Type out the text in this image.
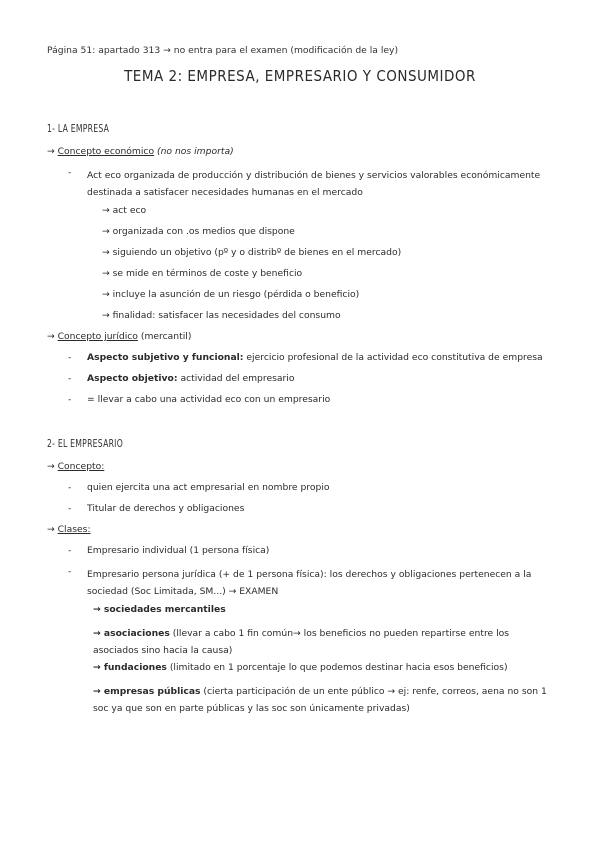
Página 51: apartado 313 → no entra para el examen (modificación de la ley)
TEMA 2: EMPRESA, EMPRESARIO Y CONSUMIDOR
1- LA EMPRESA
→ Concepto económico (no nos importa)
- Act eco organizada de producción y distribución de bienes y servicios valorables económicamente destinada a satisfacer necesidades humanas en el mercado
→ act eco
→ organizada con .os medios que dispone
→ siguiendo un objetivo (pº y o distribº de bienes en el mercado)
→ se mide en términos de coste y beneficio
→ incluye la asunción de un riesgo (pérdida o beneficio)
→ finalidad: satisfacer las necesidades del consumo
→ Concepto jurídico (mercantil)
- Aspecto subjetivo y funcional: ejercicio profesional de la actividad eco constitutiva de empresa
- Aspecto objetivo: actividad del empresario
- = llevar a cabo una actividad eco con un empresario
2- EL EMPRESARIO
→ Concepto:
- quien ejercita una act empresarial en nombre propio
- Titular de derechos y obligaciones
→ Clases:
- Empresario individual (1 persona física)
- Empresario persona jurídica (+ de 1 persona física): los derechos y obligaciones pertenecen a la sociedad (Soc Limitada, SM...) → EXAMEN
→ sociedades mercantiles
→ asociaciones (llevar a cabo 1 fin común→ los beneficios no pueden repartirse entre los asociados sino hacia la causa)
→ fundaciones (limitado en 1 porcentaje lo que podemos destinar hacia esos beneficios)
→ empresas públicas (cierta participación de un ente público → ej: renfe, correos, aena no son 1 soc ya que son en parte públicas y las soc son únicamente privadas)
